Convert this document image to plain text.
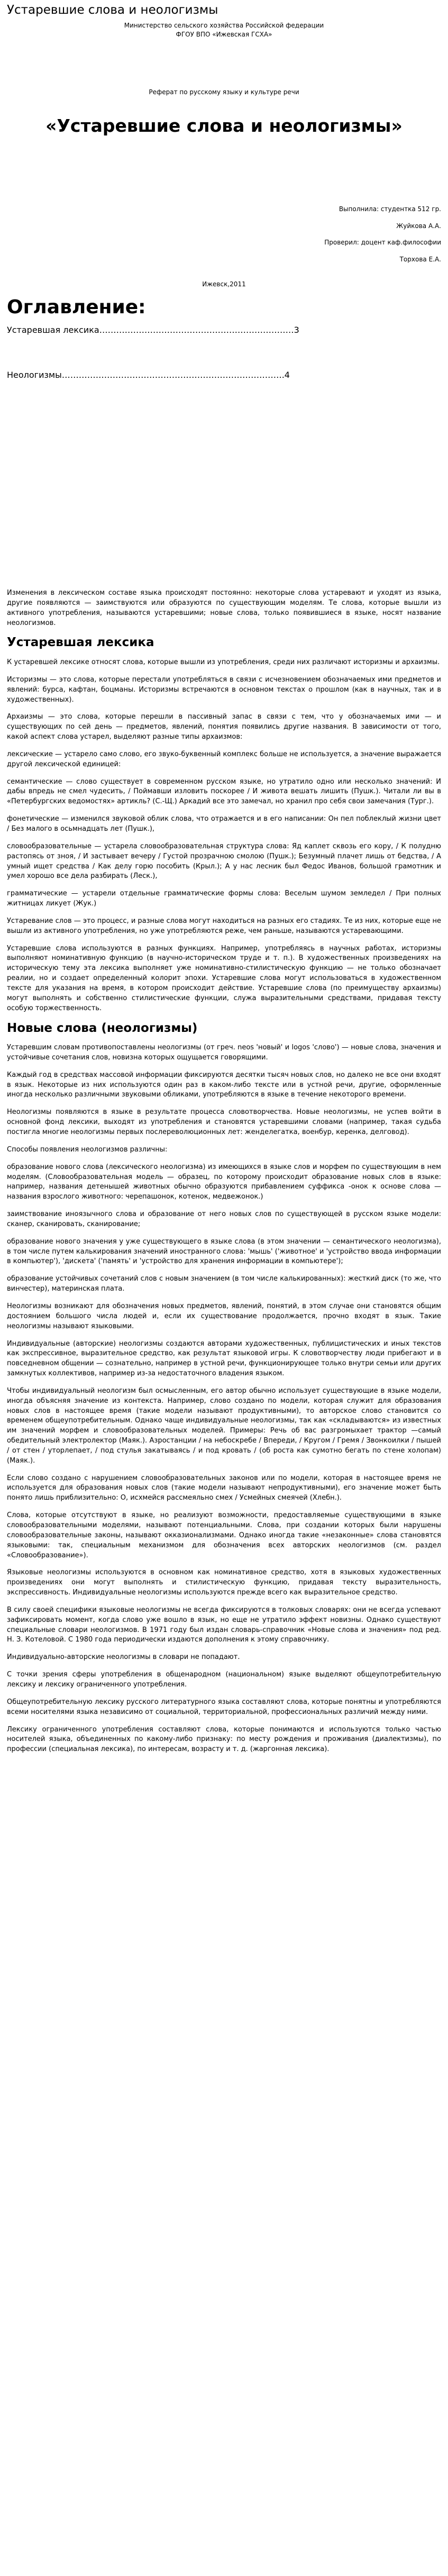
Устаревшие слова и неологизмы
Министерство сельского хозяйства Российской федерации
ФГОУ ВПО «Ижевская ГСХА»
Реферат по русскому языку и культуре речи
«Устаревшие слова и неологизмы»
Выполнила: студентка 512 гр.
Жуйкова А.А.
Проверил: доцент каф.философии
Торхова Е.А.
Ижевск,2011
Оглавление:
Устаревшая лексика……………………………………………………………3
Неологизмы…………………………………………………………………….4

Изменения в лексическом составе языка происходят постоянно: некоторые слова устаревают и уходят из языка, другие появляются — заимствуются или образуются по существующим моделям. Те слова, которые вышли из активного употребления, называются устаревшими; новые слова, только появившиеся в языке, носят название неологизмов.

Устаревшая лексика

К устаревшей лексике относят слова, которые вышли из употребления, среди них различают историзмы и архаизмы.

Историзмы — это слова, которые перестали употребляться в связи с исчезновением обозначаемых ими предметов и явлений: бурса, кафтан, боцманы. Историзмы встречаются в основном текстах о прошлом (как в научных, так и в художественных).

Архаизмы — это слова, которые перешли в пассивный запас в связи с тем, что у обозначаемых ими — и существующих по сей день — предметов, явлений, понятия появились другие названия. В зависимости от того, какой аспект слова устарел, выделяют разные типы архаизмов:

лексические — устарело само слово, его звуко-буквенный комплекс больше не используется, а значение выражается другой лексической единицей:

семантические — слово существует в современном русском языке, но утратило одно или несколько значений: И дабы впредь не смел чудесить, / Поймавши изловить поскорее / И живота вешать лишить (Пушк.). Читали ли вы в «Петербургских ведомостях» артикль? (С.-Щ.) Аркадий все это замечал, но хранил про себя свои замечания (Тург.).

фонетические — изменился звуковой облик слова, что отражается и в его написании: Он пел поблеклый жизни цвет / Без малого в осьмнадцать лет (Пушк.),

словообразовательные — устарела словообразовательная структура слова: Яд каплет сквозь его кору, / К полудню растопясь от зноя, / И застывает вечеру / Густой прозрачною смолою (Пушк.); Безумный плачет лишь от бедства, / А умный ищет средства / Как делу горю пособить (Крыл.); А у нас лесник был Федос Иванов, большой грамотник и умел хорошо все дела разбирать (Леск.),

грамматические — устарели отдельные грамматические формы слова: Веселым шумом земледел / При полных житницах ликует (Жук.)

Устаревание слов — это процесс, и разные слова могут находиться на разных его стадиях. Те из них, которые еще не вышли из активного употребления, но уже употребляются реже, чем раньше, называются устаревающими.

Устаревшие слова используются в разных функциях. Например, употребляясь в научных работах, историзмы выполняют номинативную функцию (в научно-историческом труде и т. п.). В художественных произведениях на историческую тему эта лексика выполняет уже номинативно-стилистическую функцию — не только обозначает реалии, но и создает определенный колорит эпохи. Устаревшие слова могут использоваться в художественном тексте для указания на время, в котором происходит действие. Устаревшие слова (по преимуществу архаизмы) могут выполнять и собственно стилистические функции, служа выразительными средствами, придавая тексту особую торжественность.

Новые слова (неологизмы)

Устаревшим словам противопоставлены неологизмы (от греч. neos 'новый' и logos 'слово') — новые слова, значения и устойчивые сочетания слов, новизна которых ощущается говорящими.

Каждый год в средствах массовой информации фиксируются десятки тысяч новых слов, но далеко не все они входят в язык. Некоторые из них используются один раз в каком-либо тексте или в устной речи, другие, оформленные иногда несколько различными звуковыми обликами, употребляются в языке в течение некоторого времени.

Неологизмы появляются в языке в результате процесса словотворчества. Новые неологизмы, не успев войти в основной фонд лексики, выходят из употребления и становятся устаревшими словами (например, такая судьба постигла многие неологизмы первых послереволюционных лет: женделегатка, военбур, керенка, делговод).

Способы появления неологизмов различны:

образование нового слова (лексического неологизма) из имеющихся в языке слов и морфем по существующим в нем моделям. (Словообразовательная модель — образец, по которому происходит образование новых слов в языке: например, названия детенышей животных обычно образуются прибавлением суффикса -онок к основе слова — названия взрослого животного: черепашонок, котенок, медвежонок.)

заимствование иноязычного слова и образование от него новых слов по существующей в русском языке модели: сканер, сканировать, сканирование;

образование нового значения у уже существующего в языке слова (в этом значении — семантического неологизма), в том числе путем калькирования значений иностранного слова: 'мышь' ('животное' и 'устройство ввода информации в компьютер'), 'дискета' ('память' и 'устройство для хранения информации в компьютере');

образование устойчивых сочетаний слов с новым значением (в том числе калькированных): жесткий диск (то же, что винчестер), материнская плата.

Неологизмы возникают для обозначения новых предметов, явлений, понятий, в этом случае они становятся общим достоянием большого числа людей и, если их существование продолжается, прочно входят в язык. Такие неологизмы называют языковыми.

Индивидуальные (авторские) неологизмы создаются авторами художественных, публицистических и иных текстов как экспрессивное, выразительное средство, как результат языковой игры. К словотворчеству люди прибегают и в повседневном общении — сознательно, например в устной речи, функционирующее только внутри семьи или других замкнутых коллективов, например из-за недостаточного владения языком.

Чтобы индивидуальный неологизм был осмысленным, его автор обычно использует существующие в языке модели, иногда объясняя значение из контекста. Например, слово создано по модели, которая служит для образования новых слов в настоящее время (такие модели называют продуктивными), то авторское слово становится со временем общеупотребительным. Однако чаще индивидуальные неологизмы, так как «складываются» из известных им значений морфем и словообразовательных моделей. Примеры: Речь об вас разгромыхает трактор —самый обедительный электролектор (Маяк.). Азростанции / на небоскребе / Впереди, / Кругом / Гремя / Звонкоилки / пышей / от стен / уторлепает, / под стулья закатываясь / и под кровать / (об роста как сумотно бегать по стене холопам) (Маяк.).

Если слово создано с нарушением словообразовательных законов или по модели, которая в настоящее время не используется для образования новых слов (такие модели называют непродуктивными), его значение может быть понято лишь приблизительно: О, исхмейся рассмеяльно смех / Усмейных смеячей (Хлебн.).

Слова, которые отсутствуют в языке, но реализуют возможности, предоставляемые существующими в языке словообразовательными моделями, называют потенциальными. Слова, при создании которых были нарушены словообразовательные законы, называют окказионализмами. Однако иногда такие «незаконные» слова становятся языковыми: так, специальным механизмом для обозначения всех авторских неологизмов (см. раздел «Словообразование»).

Языковые неологизмы используются в основном как номинативное средство, хотя в языковых художественных произведениях они могут выполнять и стилистическую функцию, придавая тексту выразительность, экспрессивность. Индивидуальные неологизмы используются прежде всего как выразительное средство.

В силу своей специфики языковые неологизмы не всегда фиксируются в толковых словарях: они не всегда успевают зафиксировать момент, когда слово уже вошло в язык, но еще не утратило эффект новизны. Однако существуют специальные словари неологизмов. В 1971 году был издан словарь-справочник «Новые слова и значения» под ред. Н. З. Котеловой. С 1980 года периодически издаются дополнения к этому справочнику.

Индивидуально-авторские неологизмы в словари не попадают.

С точки зрения сферы употребления в общенародном (национальном) языке выделяют общеупотребительную лексику и лексику ограниченного употребления.

Общеупотребительную лексику русского литературного языка составляют слова, которые понятны и употребляются всеми носителями языка независимо от социальной, территориальной, профессиональных различий между ними.

Лексику ограниченного употребления составляют слова, которые понимаются и используются только частью носителей языка, объединенных по какому-либо признаку: по месту рождения и проживания (диалектизмы), по профессии (специальная лексика), по интересам, возрасту и т. д. (жаргонная лексика).
